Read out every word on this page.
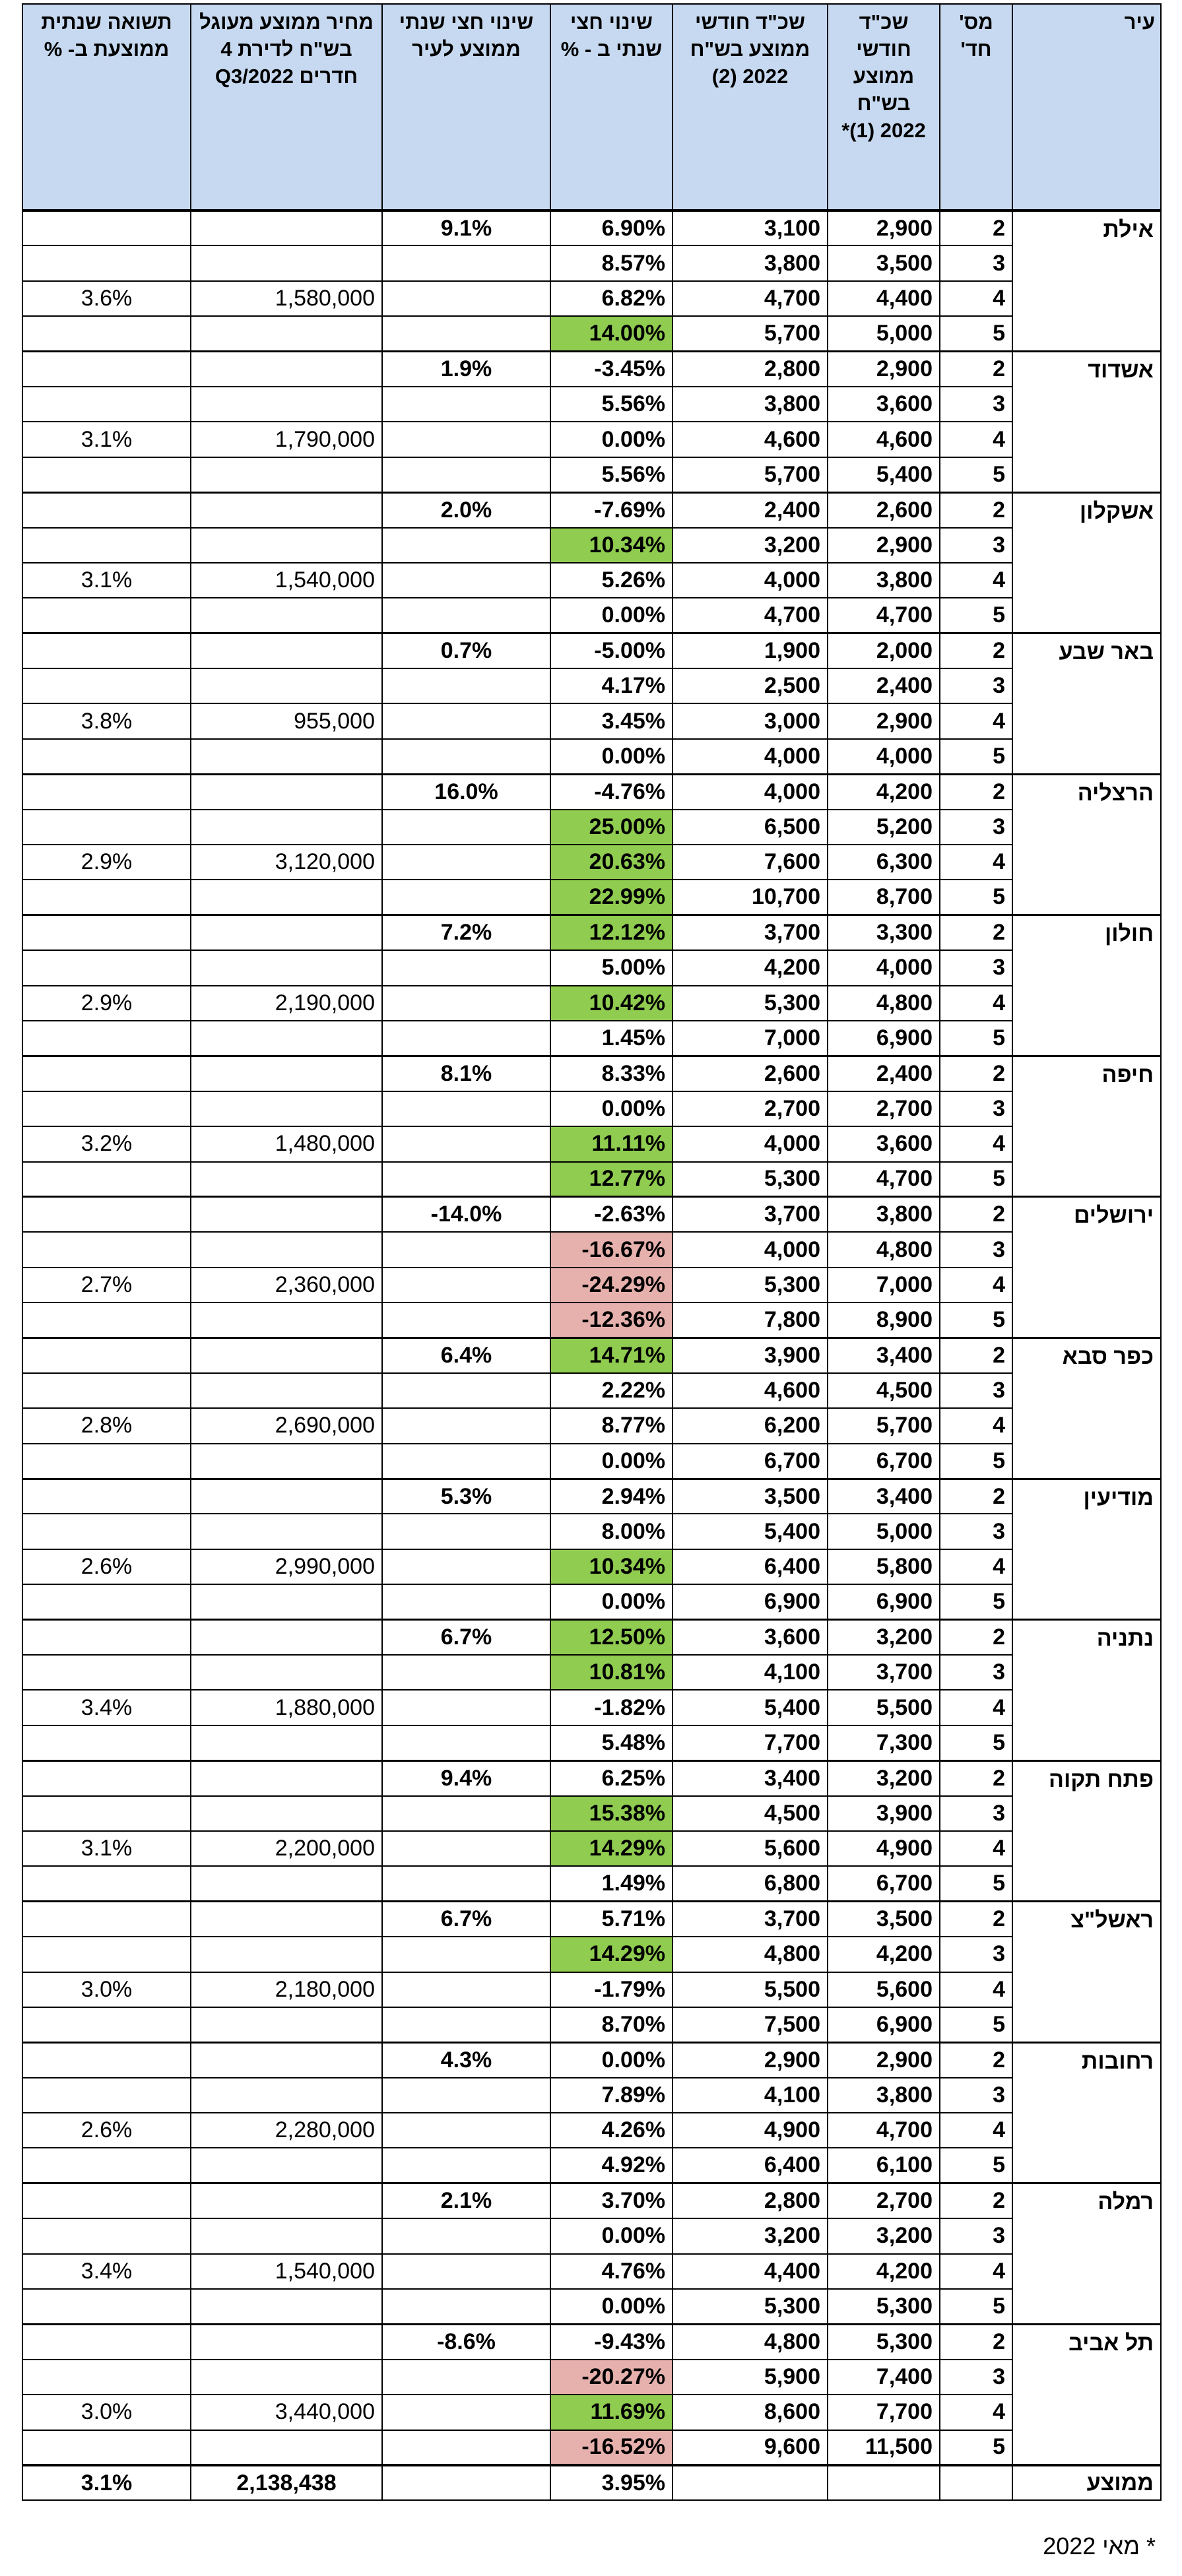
תשואה שנתית ממוצעת ב- %	מחיר ממוצע מעוגל בש"ח לדירת 4 חדרים Q3/2022	שינוי חצי שנתי ממוצע לעיר	שינוי חצי שנתי ב - %	שכ"ד חודשי ממוצע בש"ח 2022 (2)	שכ"ד חודשי ממוצע בש"ח 2022 (1)*	מס' חד'	עיר
		9.1%	6.90%	3,100	2,900	2	אילת
			8.57%	3,800	3,500	3	
3.6%	1,580,000		6.82%	4,700	4,400	4	
			14.00%	5,700	5,000	5	
		1.9%	-3.45%	2,800	2,900	2	אשדוד
			5.56%	3,800	3,600	3	
3.1%	1,790,000		0.00%	4,600	4,600	4	
			5.56%	5,700	5,400	5	
		2.0%	-7.69%	2,400	2,600	2	אשקלון
			10.34%	3,200	2,900	3	
3.1%	1,540,000		5.26%	4,000	3,800	4	
			0.00%	4,700	4,700	5	
		0.7%	-5.00%	1,900	2,000	2	באר שבע
			4.17%	2,500	2,400	3	
3.8%	955,000		3.45%	3,000	2,900	4	
			0.00%	4,000	4,000	5	
		16.0%	-4.76%	4,000	4,200	2	הרצליה
			25.00%	6,500	5,200	3	
2.9%	3,120,000		20.63%	7,600	6,300	4	
			22.99%	10,700	8,700	5	
		7.2%	12.12%	3,700	3,300	2	חולון
			5.00%	4,200	4,000	3	
2.9%	2,190,000		10.42%	5,300	4,800	4	
			1.45%	7,000	6,900	5	
		8.1%	8.33%	2,600	2,400	2	חיפה
			0.00%	2,700	2,700	3	
3.2%	1,480,000		11.11%	4,000	3,600	4	
			12.77%	5,300	4,700	5	
		-14.0%	-2.63%	3,700	3,800	2	ירושלים
			-16.67%	4,000	4,800	3	
2.7%	2,360,000		-24.29%	5,300	7,000	4	
			-12.36%	7,800	8,900	5	
		6.4%	14.71%	3,900	3,400	2	כפר סבא
			2.22%	4,600	4,500	3	
2.8%	2,690,000		8.77%	6,200	5,700	4	
			0.00%	6,700	6,700	5	
		5.3%	2.94%	3,500	3,400	2	מודיעין
			8.00%	5,400	5,000	3	
2.6%	2,990,000		10.34%	6,400	5,800	4	
			0.00%	6,900	6,900	5	
		6.7%	12.50%	3,600	3,200	2	נתניה
			10.81%	4,100	3,700	3	
3.4%	1,880,000		-1.82%	5,400	5,500	4	
			5.48%	7,700	7,300	5	
		9.4%	6.25%	3,400	3,200	2	פתח תקוה
			15.38%	4,500	3,900	3	
3.1%	2,200,000		14.29%	5,600	4,900	4	
			1.49%	6,800	6,700	5	
		6.7%	5.71%	3,700	3,500	2	ראשל"צ
			14.29%	4,800	4,200	3	
3.0%	2,180,000		-1.79%	5,500	5,600	4	
			8.70%	7,500	6,900	5	
		4.3%	0.00%	2,900	2,900	2	רחובות
			7.89%	4,100	3,800	3	
2.6%	2,280,000		4.26%	4,900	4,700	4	
			4.92%	6,400	6,100	5	
		2.1%	3.70%	2,800	2,700	2	רמלה
			0.00%	3,200	3,200	3	
3.4%	1,540,000		4.76%	4,400	4,200	4	
			0.00%	5,300	5,300	5	
		-8.6%	-9.43%	4,800	5,300	2	תל אביב
			-20.27%	5,900	7,400	3	
3.0%	3,440,000		11.69%	8,600	7,700	4	
			-16.52%	9,600	11,500	5	
3.1%	2,138,438		3.95%				ממוצע
* מאי 2022
